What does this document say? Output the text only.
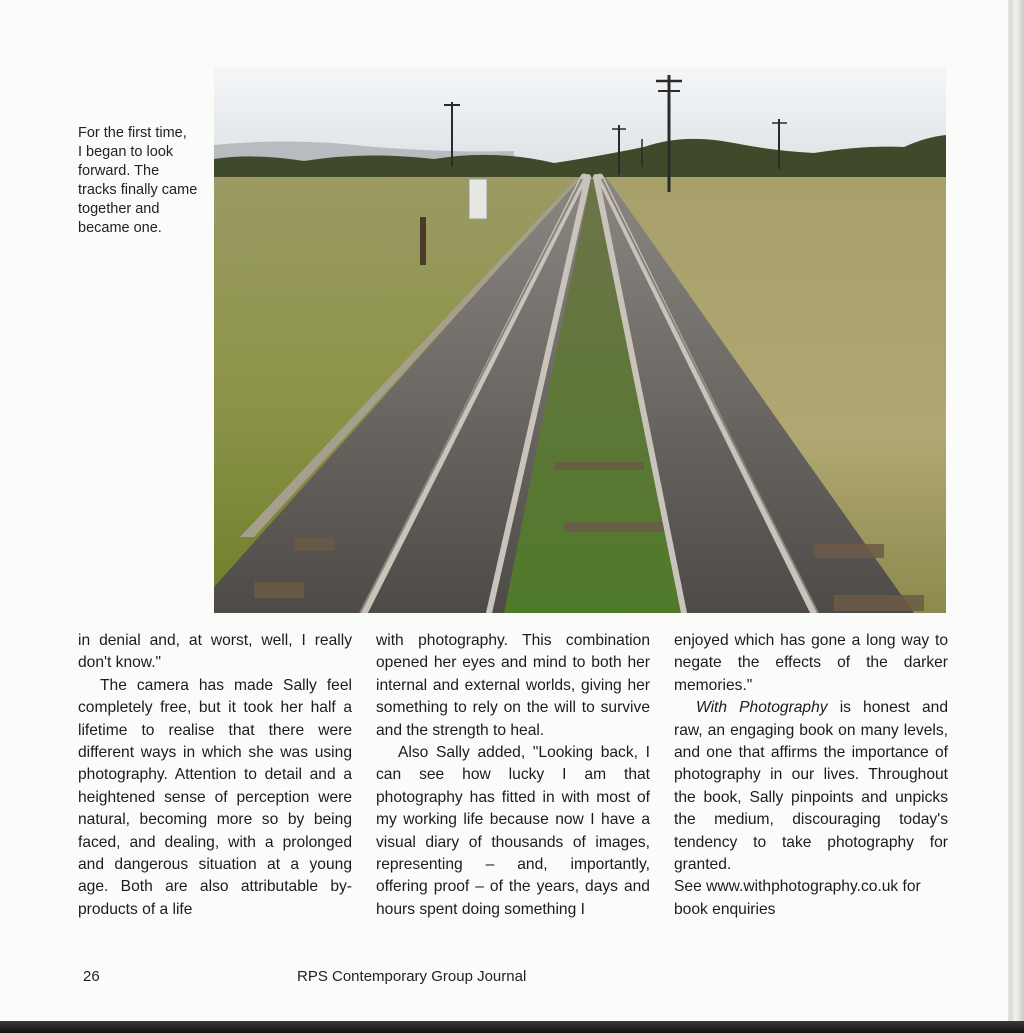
For the first time,
I began to look
forward. The
tracks finally came
together and
became one.

in denial and, at worst, well, I really don't know."

The camera has made Sally feel completely free, but it took her half a lifetime to realise that there were different ways in which she was using photography. Attention to detail and a heightened sense of perception were natural, becoming more so by being faced, and dealing, with a prolonged and dangerous situation at a young age. Both are also attributable by-products of a life

with photography. This combination opened her eyes and mind to both her internal and external worlds, giving her something to rely on the will to survive and the strength to heal.

Also Sally added, "Looking back, I can see how lucky I am that photography has fitted in with most of my working life because now I have a visual diary of thousands of images, representing – and, importantly, offering proof – of the years, days and hours spent doing something I

enjoyed which has gone a long way to negate the effects of the darker memories."

With Photography is honest and raw, an engaging book on many levels, and one that affirms the importance of photography in our lives. Throughout the book, Sally pinpoints and unpicks the medium, discouraging today's tendency to take photography for granted.

See www.withphotography.co.uk for book enquiries

26	RPS Contemporary Group Journal
